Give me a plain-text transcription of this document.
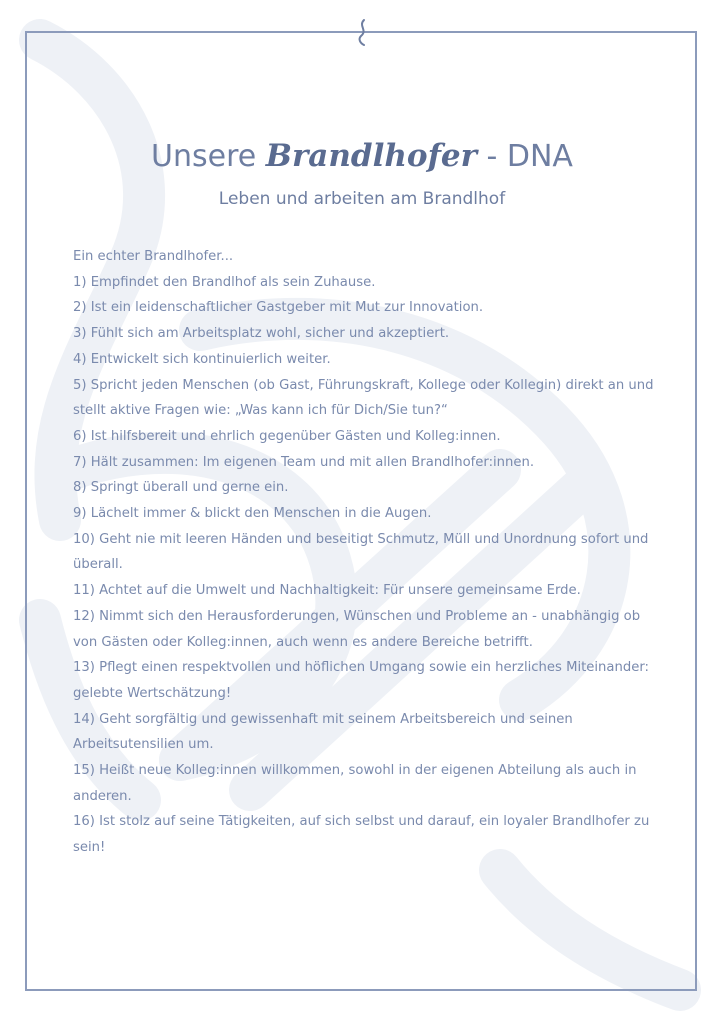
Unsere Brandlhofer - DNA
Leben und arbeiten am Brandlhof
Ein echter Brandlhofer...
1) Empfindet den Brandlhof als sein Zuhause.
2) Ist ein leidenschaftlicher Gastgeber mit Mut zur Innovation.
3) Fühlt sich am Arbeitsplatz wohl, sicher und akzeptiert.
4) Entwickelt sich kontinuierlich weiter.
5) Spricht jeden Menschen (ob Gast, Führungskraft, Kollege oder Kollegin) direkt an und stellt aktive Fragen wie: „Was kann ich für Dich/Sie tun?“
6) Ist hilfsbereit und ehrlich gegenüber Gästen und Kolleg:innen.
7) Hält zusammen: Im eigenen Team und mit allen Brandlhofer:innen.
8) Springt überall und gerne ein.
9) Lächelt immer & blickt den Menschen in die Augen.
10) Geht nie mit leeren Händen und beseitigt Schmutz, Müll und Unordnung sofort und überall.
11) Achtet auf die Umwelt und Nachhaltigkeit: Für unsere gemeinsame Erde.
12) Nimmt sich den Herausforderungen, Wünschen und Probleme an - unabhängig ob von Gästen oder Kolleg:innen, auch wenn es andere Bereiche betrifft.
13) Pflegt einen respektvollen und höflichen Umgang sowie ein herzliches Miteinander: gelebte Wertschätzung!
14) Geht sorgfältig und gewissenhaft mit seinem Arbeitsbereich und seinen Arbeitsutensilien um.
15) Heißt neue Kolleg:innen willkommen, sowohl in der eigenen Abteilung als auch in anderen.
16) Ist stolz auf seine Tätigkeiten, auf sich selbst und darauf, ein loyaler Brandlhofer zu sein!
